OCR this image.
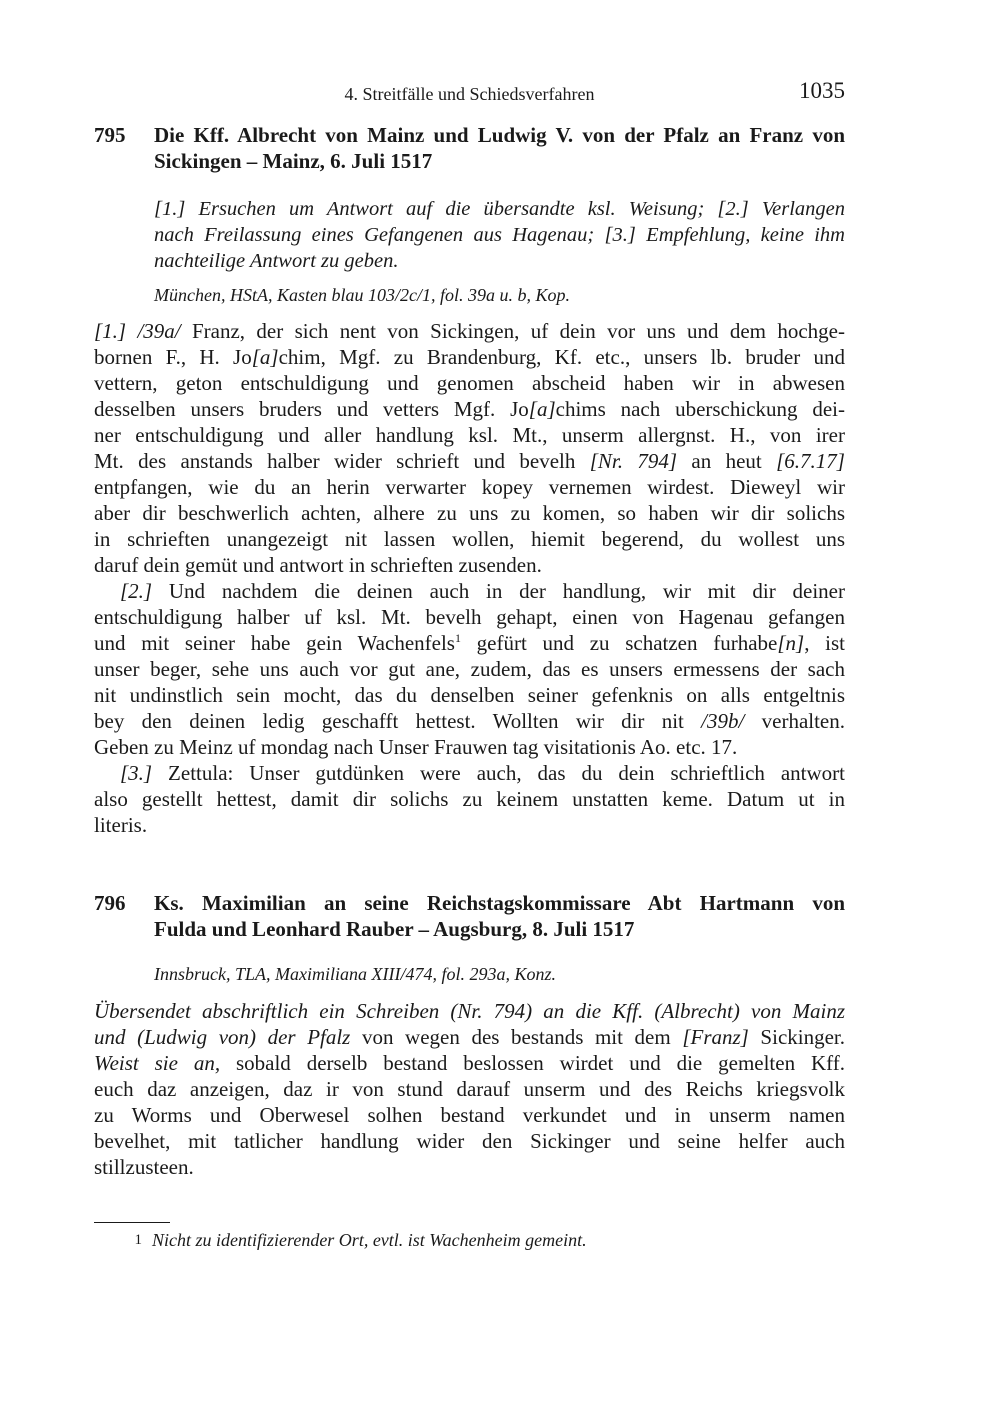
4. Streitfälle und Schiedsverfahren	1035
795 Die Kff. Albrecht von Mainz und Ludwig V. von der Pfalz an Franz von
Sickingen – Mainz, 6. Juli 1517
[1.] Ersuchen um Antwort auf die übersandte ksl. Weisung; [2.] Verlangen
nach Freilassung eines Gefangenen aus Hagenau; [3.] Empfehlung, keine ihm
nachteilige Antwort zu geben.
München, HStA, Kasten blau 103/2c/1, fol. 39a u. b, Kop.
[1.] /39a/ Franz, der sich nent von Sickingen, uf dein vor uns und dem hochge-
bornen F., H. Jo[a]chim, Mgf. zu Brandenburg, Kf. etc., unsers lb. bruder und
vettern, geton entschuldigung und genomen abscheid haben wir in abwesen
desselben unsers bruders und vetters Mgf. Jo[a]chims nach uberschickung dei-
ner entschuldigung und aller handlung ksl. Mt., unserm allergnst. H., von irer
Mt. des anstands halber wider schrieft und bevelh [Nr. 794] an heut [6.7.17]
entpfangen, wie du an herin verwarter kopey vernemen wirdest. Dieweyl wir
aber dir beschwerlich achten, alhere zu uns zu komen, so haben wir dir solichs
in schrieften unangezeigt nit lassen wollen, hiemit begerend, du wollest uns
daruf dein gemüt und antwort in schrieften zusenden.
[2.] Und nachdem die deinen auch in der handlung, wir mit dir deiner
entschuldigung halber uf ksl. Mt. bevelh gehapt, einen von Hagenau gefangen
und mit seiner habe gein Wachenfels$^1$ gefürt und zu schatzen furhabe[n], ist
unser beger, sehe uns auch vor gut ane, zudem, das es unsers ermessens der sach
nit undinstlich sein mocht, das du denselben seiner gefenknis on alls entgeltnis
bey den deinen ledig geschafft hettest. Wollten wir dir nit /39b/ verhalten.
Geben zu Meinz uf mondag nach Unser Frauwen tag visitationis Ao. etc. 17.
[3.] Zettula: Unser gutdünken were auch, das du dein schrieftlich antwort
also gestellt hettest, damit dir solichs zu keinem unstatten keme. Datum ut in
literis.
796 Ks. Maximilian an seine Reichstagskommissare Abt Hartmann von
Fulda und Leonhard Rauber – Augsburg, 8. Juli 1517
Innsbruck, TLA, Maximiliana XIII/474, fol. 293a, Konz.
Übersendet abschriftlich ein Schreiben (Nr. 794) an die Kff. (Albrecht) von Mainz
und (Ludwig von) der Pfalz von wegen des bestands mit dem [Franz] Sickinger.
Weist sie an, sobald derselb bestand beslossen wirdet und die gemelten Kff.
euch daz anzeigen, daz ir von stund darauf unserm und des Reichs kriegsvolk
zu Worms und Oberwesel solhen bestand verkundet und in unserm namen
bevelhet, mit tatlicher handlung wider den Sickinger und seine helfer auch
stillzusteen.
1 Nicht zu identifizierender Ort, evtl. ist Wachenheim gemeint.
